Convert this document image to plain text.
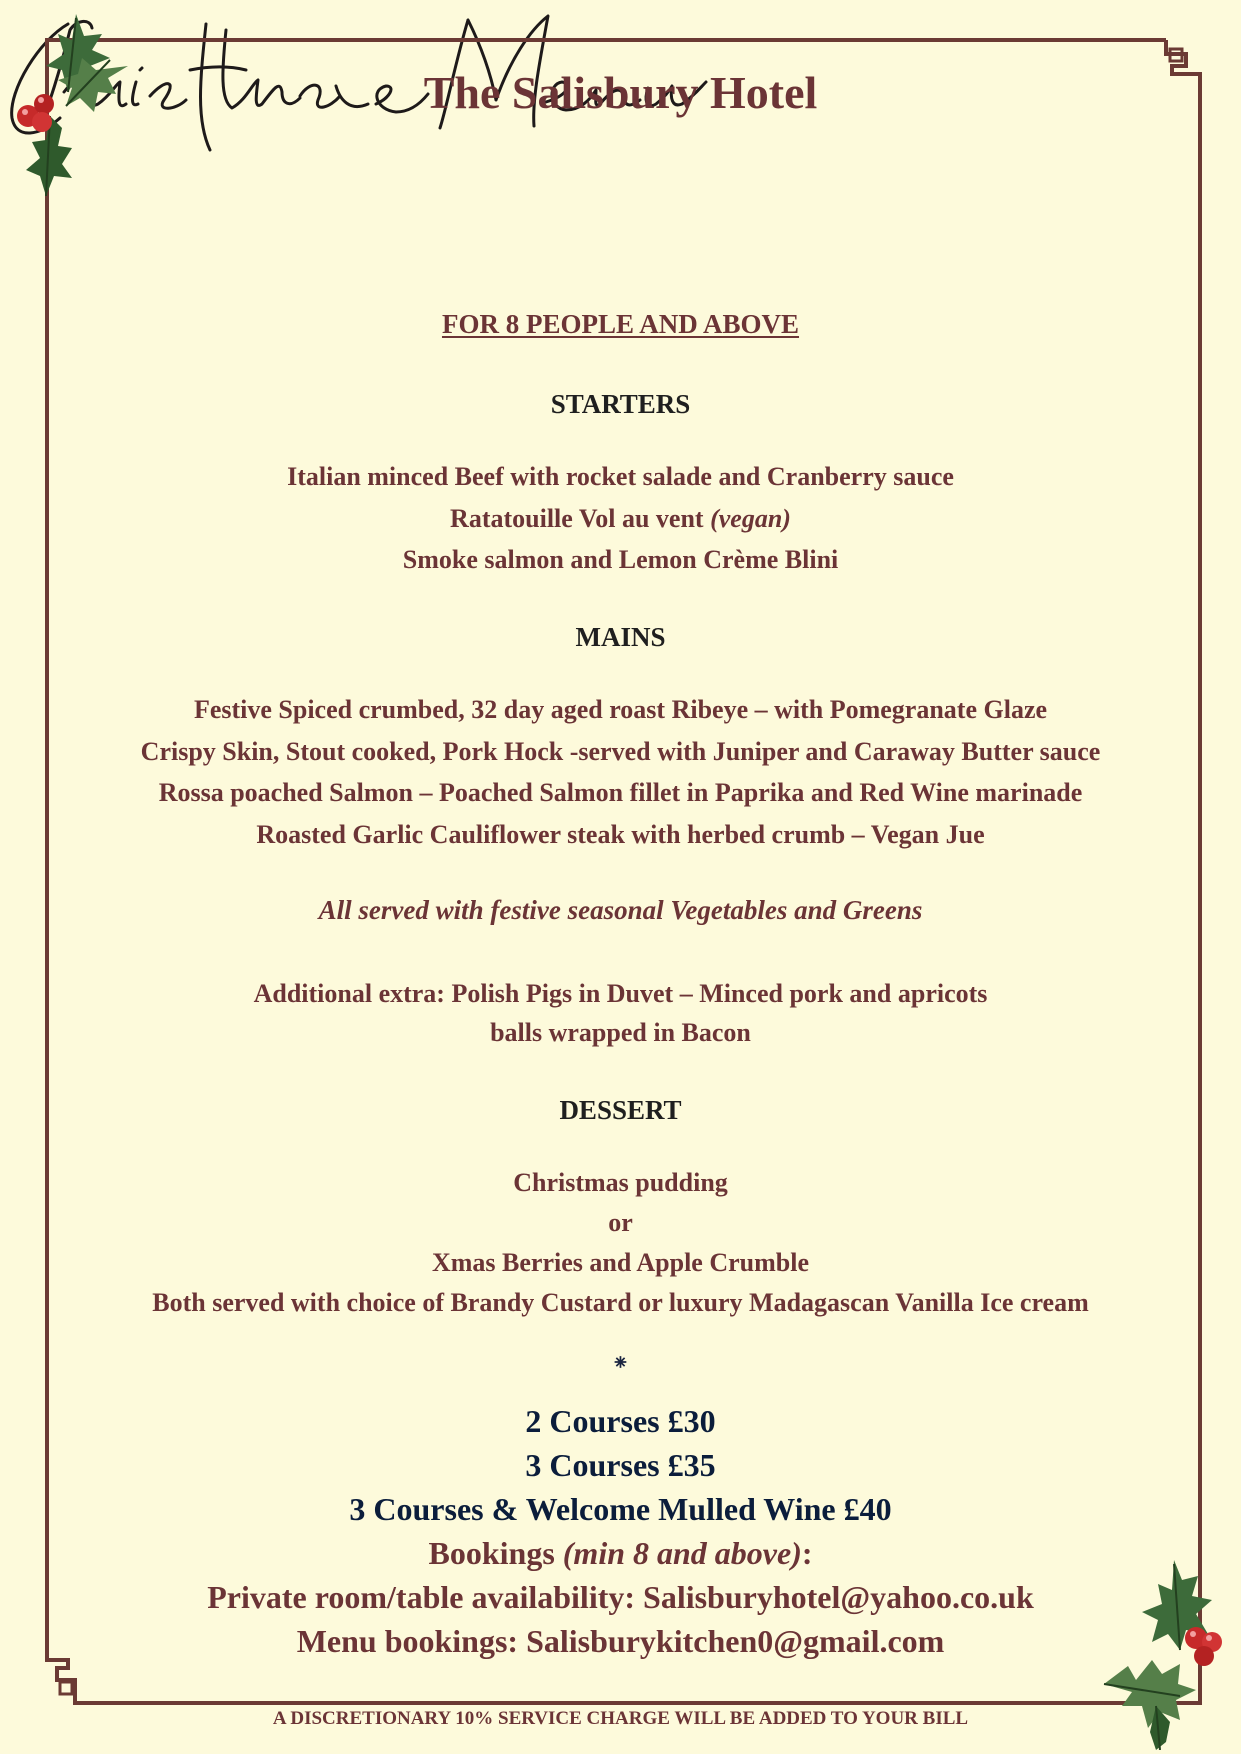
The Salisbury Hotel
FOR 8 PEOPLE AND ABOVE
STARTERS
Italian minced Beef with rocket salade and Cranberry sauce
Ratatouille Vol au vent (vegan)
Smoke salmon and Lemon Crème Blini
MAINS
Festive Spiced crumbed, 32 day aged roast Ribeye – with Pomegranate Glaze
Crispy Skin, Stout cooked, Pork Hock -served with Juniper and Caraway Butter sauce
Rossa poached Salmon – Poached Salmon fillet in Paprika and Red Wine marinade
Roasted Garlic Cauliflower steak with herbed crumb – Vegan Jue
All served with festive seasonal Vegetables and Greens
Additional extra: Polish Pigs in Duvet – Minced pork and apricots
balls wrapped in Bacon
DESSERT
Christmas pudding
or
Xmas Berries and Apple Crumble
Both served with choice of Brandy Custard or luxury Madagascan Vanilla Ice cream
⁕
2 Courses £30
3 Courses £35
3 Courses & Welcome Mulled Wine £40
Bookings (min 8 and above):
Private room/table availability: Salisburyhotel@yahoo.co.uk
Menu bookings: Salisburykitchen0@gmail.com
A DISCRETIONARY 10% SERVICE CHARGE WILL BE ADDED TO YOUR BILL
